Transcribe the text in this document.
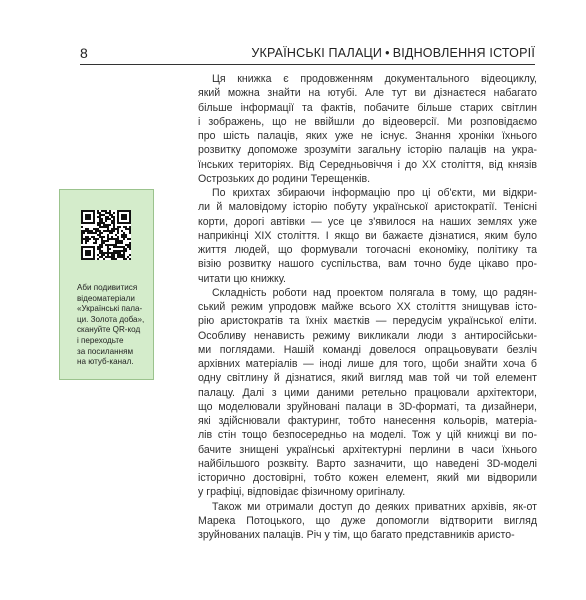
8	УКРАЇНСЬКІ ПАЛАЦИ • ВІДНОВЛЕННЯ ІСТОРІЇ
Аби подивитися
відеоматеріали
«Українські пала-
ци. Золота доба»,
скануйте QR-код
і переходьте
за посиланням
на ютуб-канал.

Ця книжка є продовженням документального відеоциклу,
який можна знайти на ютубі. Але тут ви дізнаєтеся набагато
більше інформації та фактів, побачите більше старих світлин
і зображень, що не ввійшли до відеоверсії. Ми розповідаємо
про шість палаців, яких уже не існує. Знання хроніки їхнього
розвитку допоможе зрозуміти загальну історію палаців на укра-
їнських територіях. Від Середньовіччя і до XX століття, від князів
Острозьких до родини Терещенків.

По крихтах збираючи інформацію про ці об'єкти, ми відкри-
ли й маловідому історію побуту української аристократії. Тенісні
корти, дорогі автівки — усе це з'явилося на наших землях уже
наприкінці XIX століття. І якщо ви бажаєте дізнатися, яким було
життя людей, що формували тогочасні економіку, політику та
візію розвитку нашого суспільства, вам точно буде цікаво про-
читати цю книжку.

Складність роботи над проектом полягала в тому, що радян-
ський режим упродовж майже всього XX століття знищував істо-
рію аристократів та їхніх маєтків — передусім української еліти.
Особливу ненависть режиму викликали люди з антиросійськи-
ми поглядами. Нашій команді довелося опрацьовувати безліч
архівних матеріалів — іноді лише для того, щоби знайти хоча б
одну світлину й дізнатися, який вигляд мав той чи той елемент
палацу. Далі з цими даними ретельно працювали архітектори,
що моделювали зруйновані палаци в 3D-форматі, та дизайнери,
які здійснювали фактуринг, тобто нанесення кольорів, матеріа-
лів стін тощо безпосередньо на моделі. Тож у цій книжці ви по-
бачите знищені українські архітектурні перлини в часи їхнього
найбільшого розквіту. Варто зазначити, що наведені 3D-моделі
історично достовірні, тобто кожен елемент, який ми відворили
у графіці, відповідає фізичному оригіналу.

Також ми отримали доступ до деяких приватних архівів, як-от
Марека Потоцького, що дуже допомогли відтворити вигляд
зруйнованих палаців. Річ у тім, що багато представників аристо-
